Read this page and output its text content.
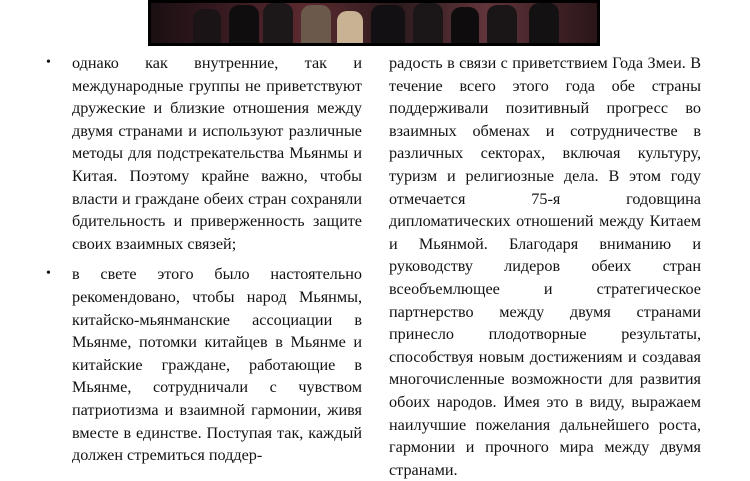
• однако как внутренние, так и международные группы не приветствуют дружеские и близкие отношения между двумя странами и используют различные методы для подстрекательства Мьянмы и Китая. Поэтому крайне важно, чтобы власти и граждане обеих стран сохраняли бдительность и приверженность защите своих взаимных связей;
• в свете этого было настоятельно рекомендовано, чтобы народ Мьянмы, китайско-мьянманские ассоциации в Мьянме, потомки китайцев в Мьянме и китайские граждане, работающие в Мьянме, сотрудничали с чувством патриотизма и взаимной гармонии, живя вместе в единстве. Поступая так, каждый должен стремиться поддер-

радость в связи с приветствием Года Змеи. В течение всего этого года обе страны поддерживали позитивный прогресс во взаимных обменах и сотрудничестве в различных секторах, включая культуру, туризм и религиозные дела. В этом году отмечается 75-я годовщина дипломатических отношений между Китаем и Мьянмой. Благодаря вниманию и руководству лидеров обеих стран всеобъемлющее и стратегическое партнерство между двумя странами принесло плодотворные результаты, способствуя новым достижениям и создавая многочисленные возможности для развития обоих народов. Имея это в виду, выражаем наилучшие пожелания дальнейшего роста, гармонии и прочного мира между двумя странами.
